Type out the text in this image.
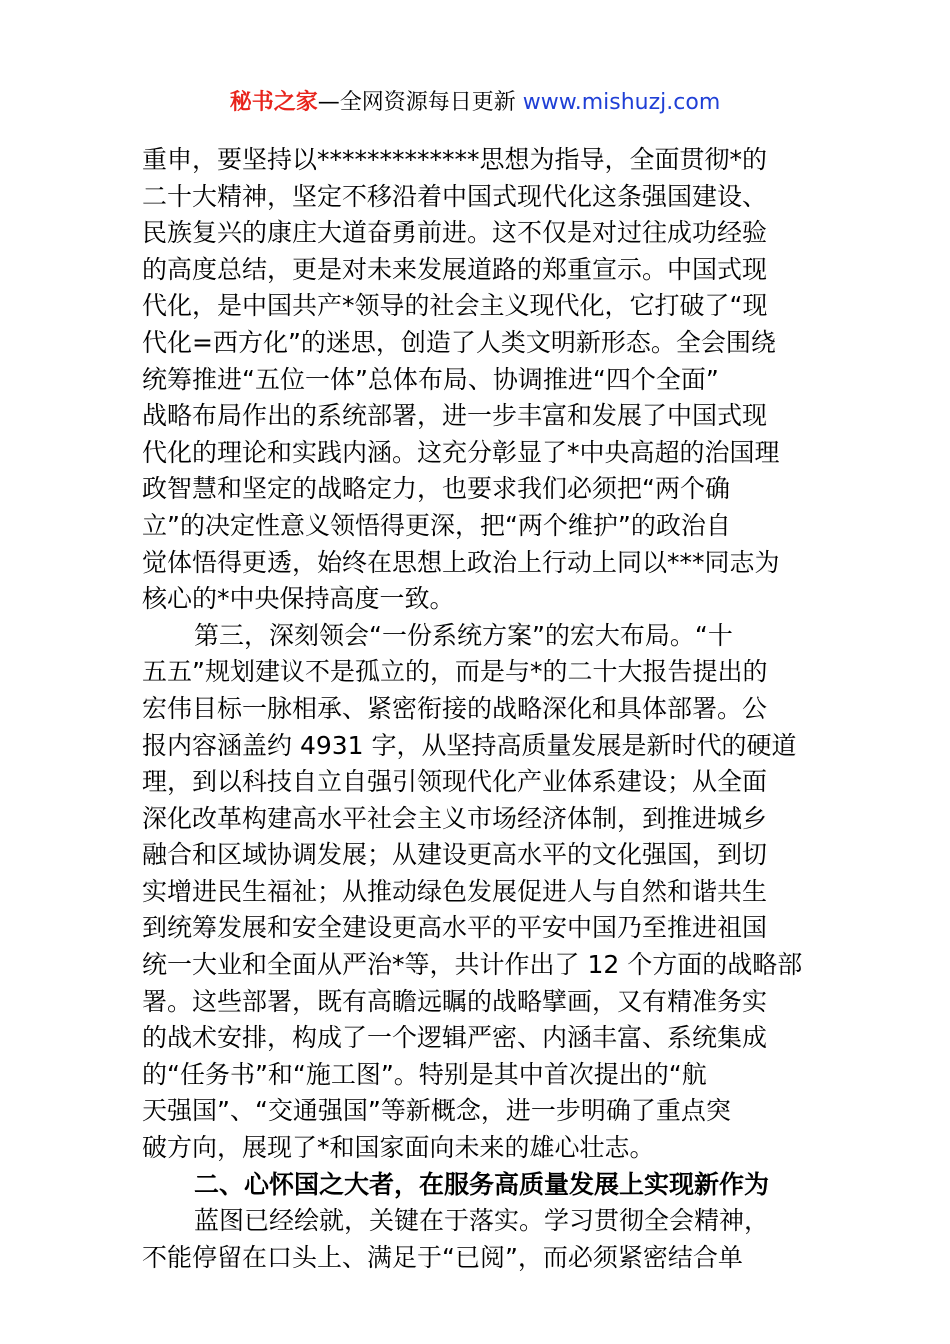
秘书之家—全网资源每日更新 www.mishuzj.com
重申，要坚持以*************思想为指导，全面贯彻*的
二十大精神，坚定不移沿着中国式现代化这条强国建设、
民族复兴的康庄大道奋勇前进。这不仅是对过往成功经验
的高度总结，更是对未来发展道路的郑重宣示。中国式现
代化，是中国共产*领导的社会主义现代化，它打破了“现
代化=西方化”的迷思，创造了人类文明新形态。全会围绕
统筹推进“五位一体”总体布局、协调推进“四个全面”
战略布局作出的系统部署，进一步丰富和发展了中国式现
代化的理论和实践内涵。这充分彰显了*中央高超的治国理
政智慧和坚定的战略定力，也要求我们必须把“两个确
立”的决定性意义领悟得更深，把“两个维护”的政治自
觉体悟得更透，始终在思想上政治上行动上同以***同志为
核心的*中央保持高度一致。
第三，深刻领会“一份系统方案”的宏大布局。“十
五五”规划建议不是孤立的，而是与*的二十大报告提出的
宏伟目标一脉相承、紧密衔接的战略深化和具体部署。公
报内容涵盖约 4931 字，从坚持高质量发展是新时代的硬道
理，到以科技自立自强引领现代化产业体系建设；从全面
深化改革构建高水平社会主义市场经济体制，到推进城乡
融合和区域协调发展；从建设更高水平的文化强国，到切
实增进民生福祉；从推动绿色发展促进人与自然和谐共生
到统筹发展和安全建设更高水平的平安中国乃至推进祖国
统一大业和全面从严治*等，共计作出了 12 个方面的战略部
署。这些部署，既有高瞻远瞩的战略擘画，又有精准务实
的战术安排，构成了一个逻辑严密、内涵丰富、系统集成
的“任务书”和“施工图”。特别是其中首次提出的“航
天强国”、“交通强国”等新概念，进一步明确了重点突
破方向，展现了*和国家面向未来的雄心壮志。
二、心怀国之大者，在服务高质量发展上实现新作为
蓝图已经绘就，关键在于落实。学习贯彻全会精神，
不能停留在口头上、满足于“已阅”，而必须紧密结合单
